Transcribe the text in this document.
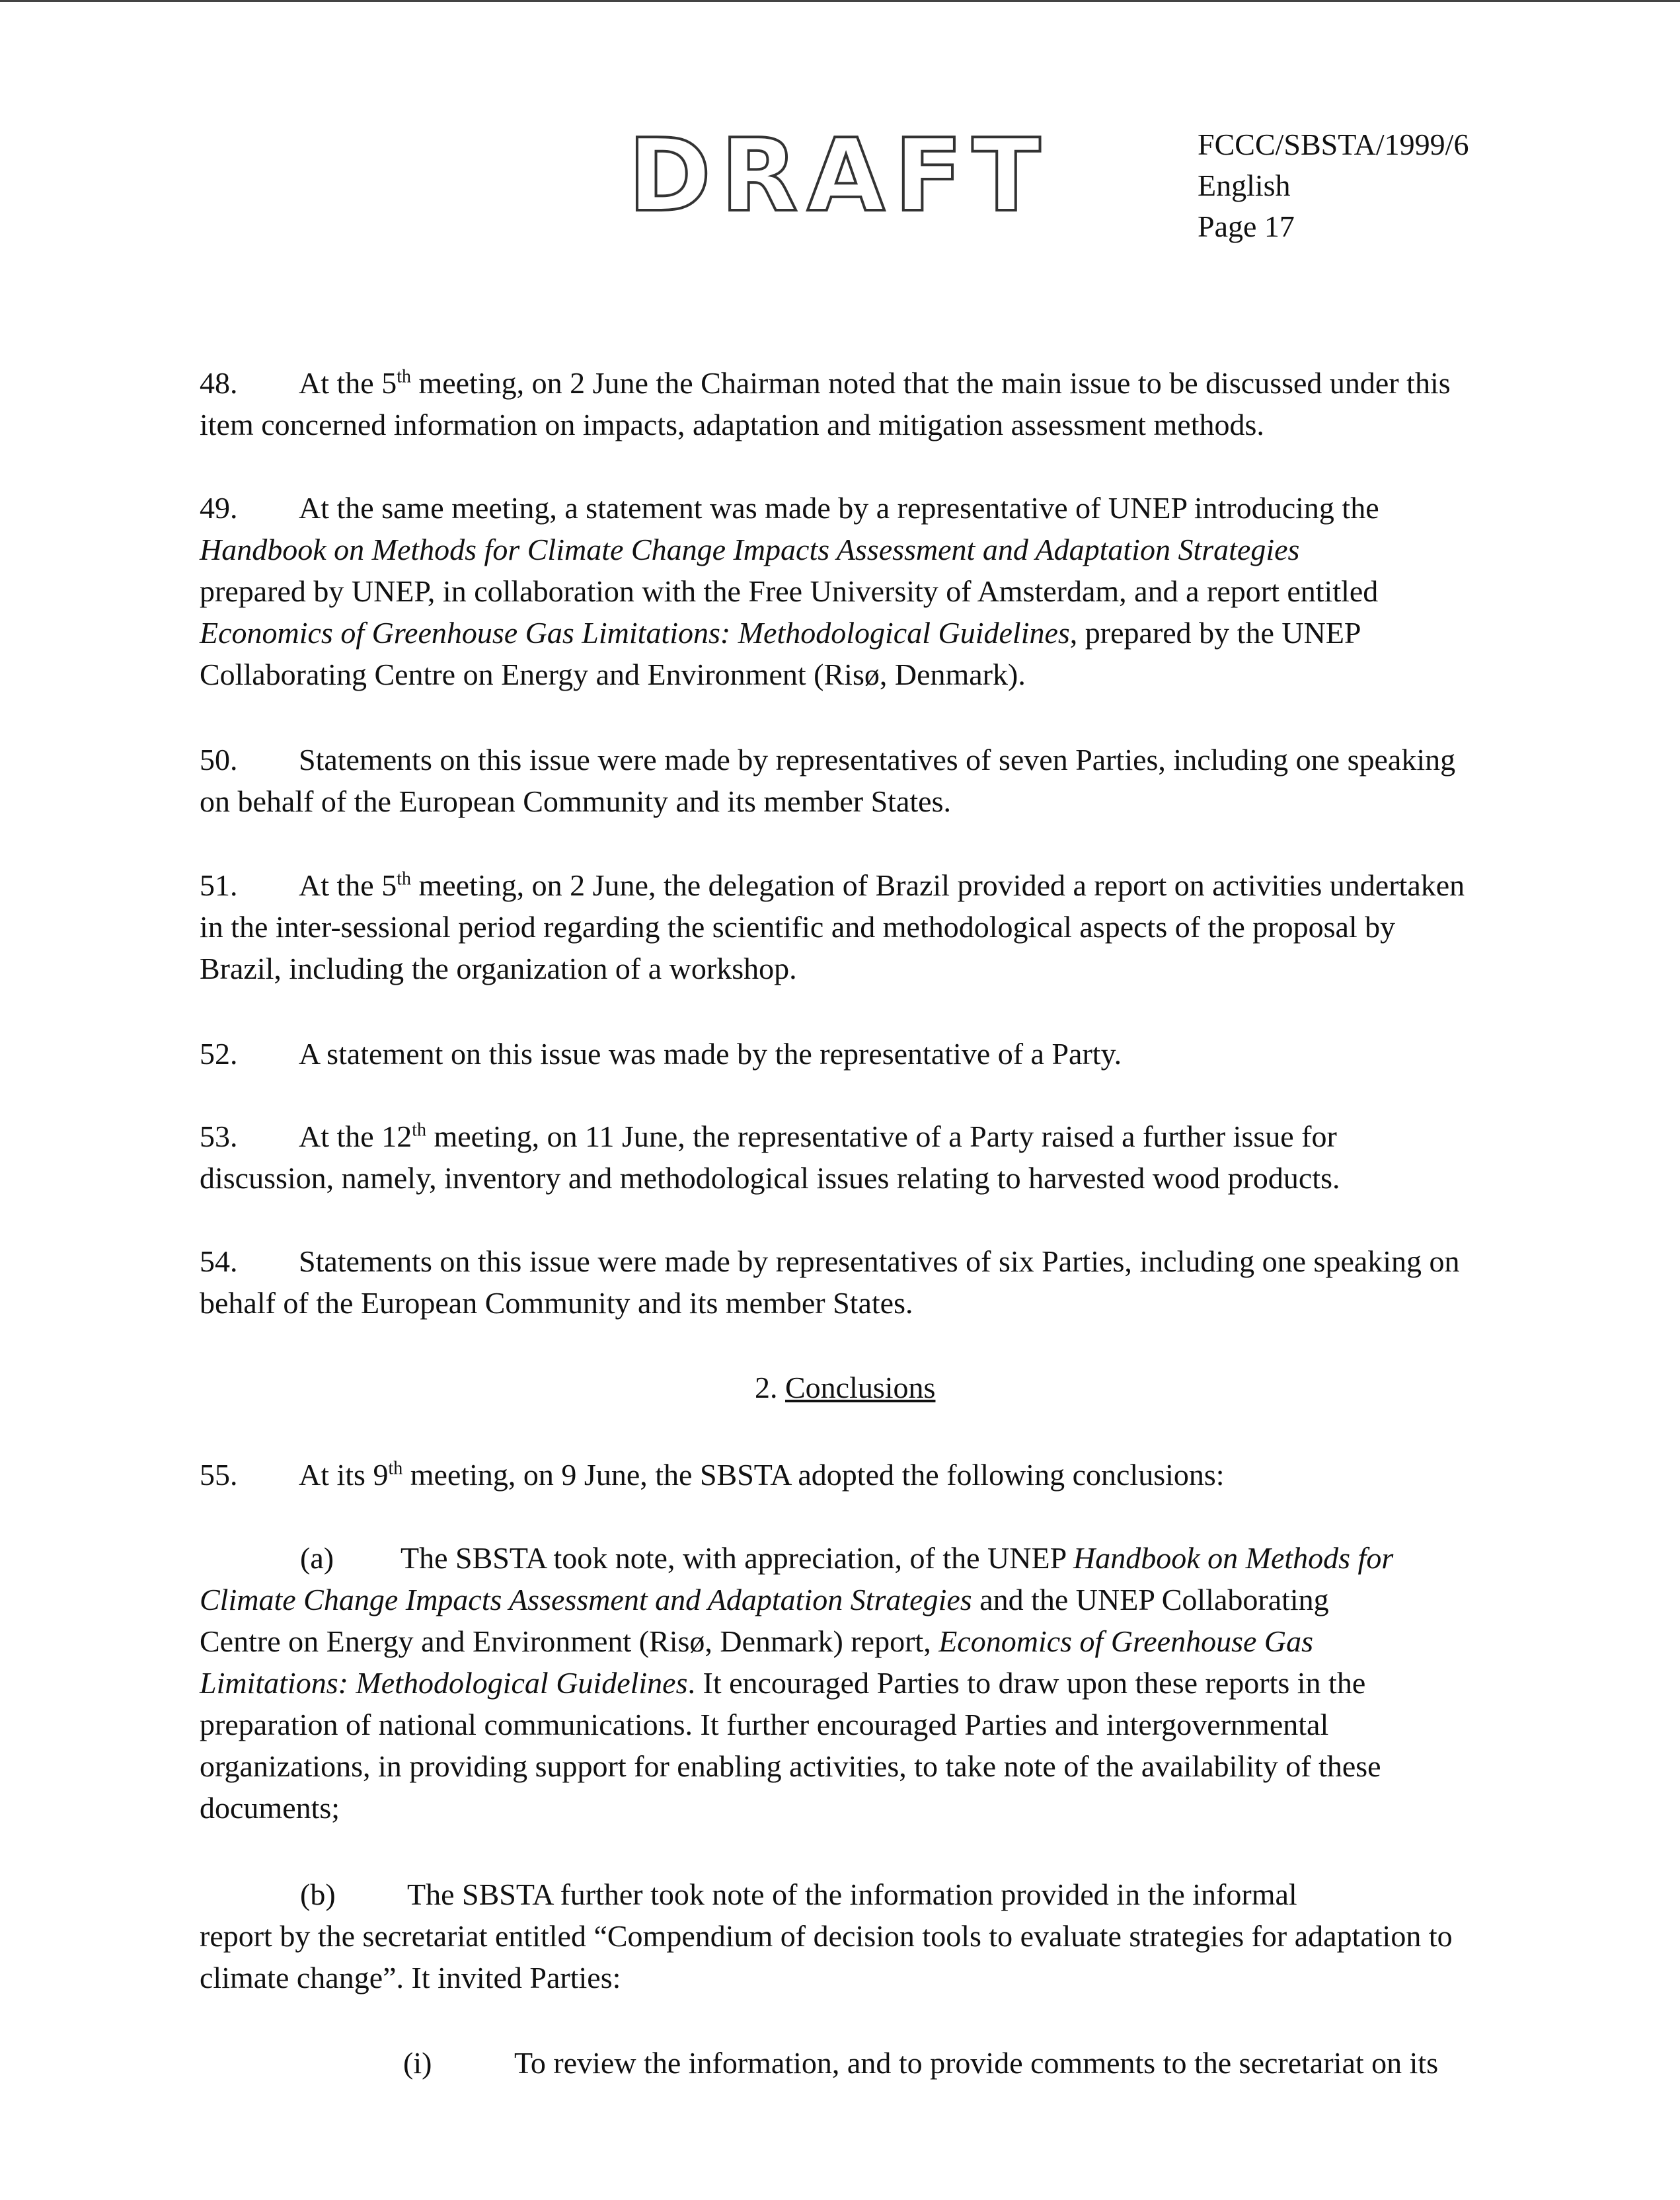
DRAFT	FCCC/SBSTA/1999/6
English
Page 17
48. At the 5th meeting, on 2 June the Chairman noted that the main issue to be discussed under this
item concerned information on impacts, adaptation and mitigation assessment methods.
49. At the same meeting, a statement was made by a representative of UNEP introducing the
Handbook on Methods for Climate Change Impacts Assessment and Adaptation Strategies
prepared by UNEP, in collaboration with the Free University of Amsterdam, and a report entitled
Economics of Greenhouse Gas Limitations: Methodological Guidelines, prepared by the UNEP
Collaborating Centre on Energy and Environment (Risø, Denmark).
50. Statements on this issue were made by representatives of seven Parties, including one speaking
on behalf of the European Community and its member States.
51. At the 5th meeting, on 2 June, the delegation of Brazil provided a report on activities undertaken
in the inter-sessional period regarding the scientific and methodological aspects of the proposal by
Brazil, including the organization of a workshop.
52. A statement on this issue was made by the representative of a Party.
53. At the 12th meeting, on 11 June, the representative of a Party raised a further issue for
discussion, namely, inventory and methodological issues relating to harvested wood products.
54. Statements on this issue were made by representatives of six Parties, including one speaking on
behalf of the European Community and its member States.
2. Conclusions
55. At its 9th meeting, on 9 June, the SBSTA adopted the following conclusions:
(a) The SBSTA took note, with appreciation, of the UNEP Handbook on Methods for
Climate Change Impacts Assessment and Adaptation Strategies and the UNEP Collaborating
Centre on Energy and Environment (Risø, Denmark) report, Economics of Greenhouse Gas
Limitations: Methodological Guidelines. It encouraged Parties to draw upon these reports in the
preparation of national communications. It further encouraged Parties and intergovernmental
organizations, in providing support for enabling activities, to take note of the availability of these
documents;
(b) The SBSTA further took note of the information provided in the informal
report by the secretariat entitled “Compendium of decision tools to evaluate strategies for adaptation to
climate change”. It invited Parties:
(i)	To review the information, and to provide comments to the secretariat on its
